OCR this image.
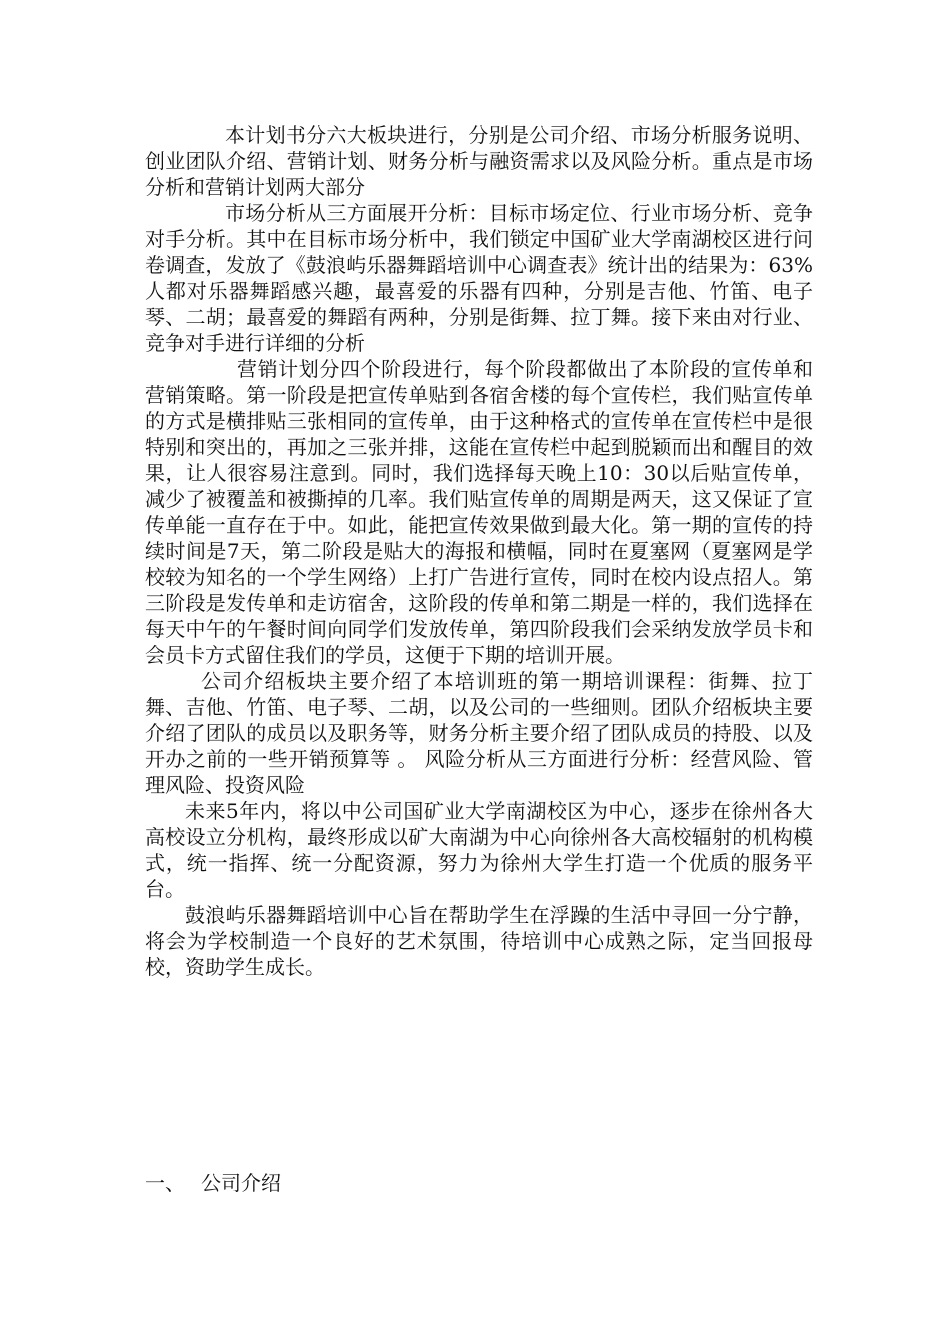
本计划书分六大板块进行，分别是公司介绍、市场分析服务说明、创业团队介绍、营销计划、财务分析与融资需求以及风险分析。重点是市场分析和营销计划两大部分

市场分析从三方面展开分析：目标市场定位、行业市场分析、竞争对手分析。其中在目标市场分析中，我们锁定中国矿业大学南湖校区进行问卷调查，发放了《鼓浪屿乐器舞蹈培训中心调查表》统计出的结果为：63%人都对乐器舞蹈感兴趣，最喜爱的乐器有四种，分别是吉他、竹笛、电子琴、二胡；最喜爱的舞蹈有两种，分别是街舞、拉丁舞。接下来由对行业、竞争对手进行详细的分析

营销计划分四个阶段进行，每个阶段都做出了本阶段的宣传单和营销策略。第一阶段是把宣传单贴到各宿舍楼的每个宣传栏，我们贴宣传单的方式是横排贴三张相同的宣传单，由于这种格式的宣传单在宣传栏中是很特别和突出的，再加之三张并排，这能在宣传栏中起到脱颖而出和醒目的效果，让人很容易注意到。同时，我们选择每天晚上10：30以后贴宣传单，减少了被覆盖和被撕掉的几率。我们贴宣传单的周期是两天，这又保证了宣传单能一直存在于中。如此，能把宣传效果做到最大化。第一期的宣传的持续时间是7天，第二阶段是贴大的海报和横幅，同时在夏塞网（夏塞网是学校较为知名的一个学生网络）上打广告进行宣传，同时在校内设点招人。第三阶段是发传单和走访宿舍，这阶段的传单和第二期是一样的，我们选择在每天中午的午餐时间向同学们发放传单，第四阶段我们会采纳发放学员卡和会员卡方式留住我们的学员，这便于下期的培训开展。

公司介绍板块主要介绍了本培训班的第一期培训课程：街舞、拉丁舞、吉他、竹笛、电子琴、二胡，以及公司的一些细则。团队介绍板块主要介绍了团队的成员以及职务等，财务分析主要介绍了团队成员的持股、以及开办之前的一些开销预算等 。 风险分析从三方面进行分析：经营风险、管理风险、投资风险

未来5年内，将以中公司国矿业大学南湖校区为中心，逐步在徐州各大高校设立分机构，最终形成以矿大南湖为中心向徐州各大高校辐射的机构模式，统一指挥、统一分配资源，努力为徐州大学生打造一个优质的服务平台。

鼓浪屿乐器舞蹈培训中心旨在帮助学生在浮躁的生活中寻回一分宁静，将会为学校制造一个良好的艺术氛围，待培训中心成熟之际，定当回报母校，资助学生成长。

一、 公司介绍
